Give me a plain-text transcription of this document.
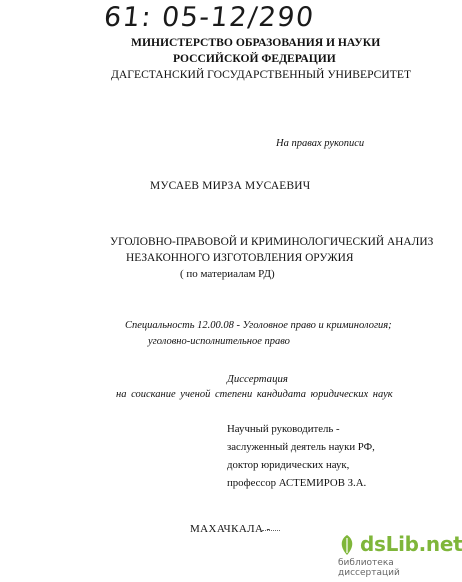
61: 05-12/290
МИНИСТЕРСТВО ОБРАЗОВАНИЯ И НАУКИ
РОССИЙСКОЙ ФЕДЕРАЦИИ
ДАГЕСТАНСКИЙ ГОСУДАРСТВЕННЫЙ УНИВЕРСИТЕТ
На правах рукописи
МУСАЕВ МИРЗА МУСАЕВИЧ
УГОЛОВНО-ПРАВОВОЙ И КРИМИНОЛОГИЧЕСКИЙ АНАЛИЗ
НЕЗАКОННОГО ИЗГОТОВЛЕНИЯ ОРУЖИЯ
( по материалам РД)
Специальность 12.00.08 - Уголовное право и криминология;
уголовно-исполнительное право
Диссертация
на соискание ученой степени кандидата юридических наук
Научный руководитель -
заслуженный деятель науки РФ,
доктор юридических наук,
профессор АСТЕМИРОВ З.А.
МАХАЧКАЛА -
dsLib.net
библиотека диссертаций
